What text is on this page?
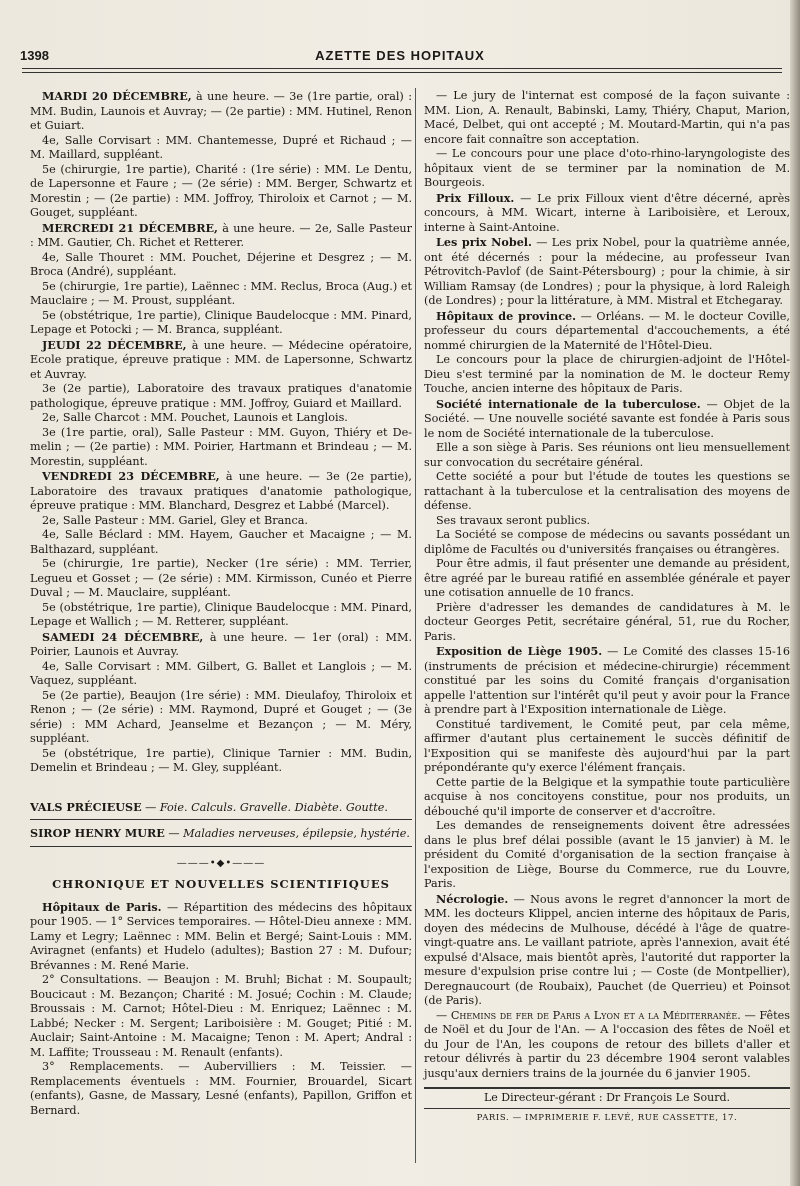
1398	AZETTE DES HOPITAUX

MARDI 20 DÉCEMBRE, à une heure. — 3e (1re partie, oral) : MM. Budin, Launois et Auvray; — (2e partie) : MM. Hutinel, Renon et Guiart.

4e, Salle Corvisart : MM. Chantemesse, Dupré et Richaud ; — M. Maillard, suppléant.

5e (chirurgie, 1re partie), Charité : (1re série) : MM. Le Dentu, de Lapersonne et Faure ; — (2e série) : MM. Berger, Schwartz et Morestin ; — (2e partie) : MM. Joffroy, Thiroloix et Carnot ; — M. Gouget, suppléant.

MERCREDI 21 DÉCEMBRE, à une heure. — 2e, Salle Pasteur : MM. Gautier, Ch. Richet et Retterer.

4e, Salle Thouret : MM. Pouchet, Déjerine et Desgrez ; — M. Broca (André), suppléant.

5e (chirurgie, 1re partie), Laënnec : MM. Reclus, Broca (Aug.) et Mauclaire ; — M. Proust, suppléant.

5e (obstétrique, 1re partie), Clinique Baudelocque : MM. Pinard, Lepage et Potocki ; — M. Branca, suppléant.

JEUDI 22 DÉCEMBRE, à une heure. — Médecine opératoire, Ecole pratique, épreuve pratique : MM. de Lapersonne, Schwartz et Auvray.

3e (2e partie), Laboratoire des travaux pratiques d'anatomie pathologique, épreuve pratique : MM. Joffroy, Guiard et Maillard.

2e, Salle Charcot : MM. Pouchet, Launois et Langlois.

3e (1re partie, oral), Salle Pasteur : MM. Guyon, Thiéry et De-melin ; — (2e partie) : MM. Poirier, Hartmann et Brindeau ; — M. Morestin, suppléant.

VENDREDI 23 DÉCEMBRE, à une heure. — 3e (2e partie), Laboratoire des travaux pratiques d'anatomie pathologique, épreuve pratique : MM. Blanchard, Desgrez et Labbé (Marcel).

2e, Salle Pasteur : MM. Gariel, Gley et Branca.

4e, Salle Béclard : MM. Hayem, Gaucher et Macaigne ; — M. Balthazard, suppléant.

5e (chirurgie, 1re partie), Necker (1re série) : MM. Terrier, Legueu et Gosset ; — (2e série) : MM. Kirmisson, Cunéo et Pierre Duval ; — M. Mauclaire, suppléant.

5e (obstétrique, 1re partie), Clinique Baudelocque : MM. Pinard, Lepage et Wallich ; — M. Retterer, suppléant.

SAMEDI 24 DÉCEMBRE, à une heure. — 1er (oral) : MM. Poirier, Launois et Auvray.

4e, Salle Corvisart : MM. Gilbert, G. Ballet et Langlois ; — M. Vaquez, suppléant.

5e (2e partie), Beaujon (1re série) : MM. Dieulafoy, Thiroloix et Renon ; — (2e série) : MM. Raymond, Dupré et Gouget ; — (3e série) : MM Achard, Jeanselme et Bezançon ; — M. Méry, suppléant.

5e (obstétrique, 1re partie), Clinique Tarnier : MM. Budin, Demelin et Brindeau ; — M. Gley, suppléant.

VALS PRÉCIEUSE — Foie. Calculs. Gravelle. Diabète. Goutte.
SIROP HENRY MURE — Maladies nerveuses, épilepsie, hystérie.
———•◆•———
CHRONIQUE ET NOUVELLES SCIENTIFIQUES

Hôpitaux de Paris. — Répartition des médecins des hôpitaux pour 1905. — 1° Services temporaires. — Hôtel-Dieu annexe : MM. Lamy et Legry; Laënnec : MM. Belin et Bergé; Saint-Louis : MM. Aviragnet (enfants) et Hudelo (adultes); Bastion 27 : M. Dufour; Brévannes : M. René Marie.

2° Consultations. — Beaujon : M. Bruhl; Bichat : M. Soupault; Boucicaut : M. Bezançon; Charité : M. Josué; Cochin : M. Claude; Broussais : M. Carnot; Hôtel-Dieu : M. Enriquez; Laënnec : M. Labbé; Necker : M. Sergent; Lariboisière : M. Gouget; Pitié : M. Auclair; Saint-Antoine : M. Macaigne; Tenon : M. Apert; Andral : M. Laffite; Trousseau : M. Renault (enfants).

3° Remplacements. — Aubervilliers : M. Teissier. — Remplacements éventuels : MM. Fournier, Brouardel, Sicart (enfants), Gasne, de Massary, Lesné (enfants), Papillon, Griffon et Bernard.

— Le jury de l'internat est composé de la façon suivante : MM. Lion, A. Renault, Babinski, Lamy, Thiéry, Chaput, Marion, Macé, Delbet, qui ont accepté ; M. Moutard-Martin, qui n'a pas encore fait connaître son acceptation.

— Le concours pour une place d'oto-rhino-laryngologiste des hôpitaux vient de se terminer par la nomination de M. Bourgeois.

Prix Filloux. — Le prix Filloux vient d'être décerné, après concours, à MM. Wicart, interne à Lariboisière, et Leroux, interne à Saint-Antoine.

Les prix Nobel. — Les prix Nobel, pour la quatrième année, ont été décernés : pour la médecine, au professeur Ivan Pétrovitch-Pavlof (de Saint-Pétersbourg) ; pour la chimie, à sir William Ramsay (de Londres) ; pour la physique, à lord Raleigh (de Londres) ; pour la littérature, à MM. Mistral et Etchegaray.

Hôpitaux de province. — Orléans. — M. le docteur Coville, professeur du cours départemental d'accouchements, a été nommé chirurgien de la Maternité de l'Hôtel-Dieu.

Le concours pour la place de chirurgien-adjoint de l'Hôtel-Dieu s'est terminé par la nomination de M. le docteur Remy Touche, ancien interne des hôpitaux de Paris.

Société internationale de la tuberculose. — Objet de la Société. — Une nouvelle société savante est fondée à Paris sous le nom de Société internationale de la tuberculose.

Elle a son siège à Paris. Ses réunions ont lieu mensuellement sur convocation du secrétaire général.

Cette société a pour but l'étude de toutes les questions se rattachant à la tuberculose et la centralisation des moyens de défense.

Ses travaux seront publics.

La Société se compose de médecins ou savants possédant un diplôme de Facultés ou d'universités françaises ou étrangères.

Pour être admis, il faut présenter une demande au président, être agréé par le bureau ratifié en assemblée générale et payer une cotisation annuelle de 10 francs.

Prière d'adresser les demandes de candidatures à M. le docteur Georges Petit, secrétaire général, 51, rue du Rocher, Paris.

Exposition de Liège 1905. — Le Comité des classes 15-16 (instruments de précision et médecine-chirurgie) récemment constitué par les soins du Comité français d'organisation appelle l'attention sur l'intérêt qu'il peut y avoir pour la France à prendre part à l'Exposition internationale de Liège.

Constitué tardivement, le Comité peut, par cela même, affirmer d'autant plus certainement le succès définitif de l'Exposition qui se manifeste dès aujourd'hui par la part prépondérante qu'y exerce l'élément français.

Cette partie de la Belgique et la sympathie toute particulière acquise à nos concitoyens constitue, pour nos produits, un débouché qu'il importe de conserver et d'accroître.

Les demandes de renseignements doivent être adressées dans le plus bref délai possible (avant le 15 janvier) à M. le président du Comité d'organisation de la section française à l'exposition de Liège, Bourse du Commerce, rue du Louvre, Paris.

Nécrologie. — Nous avons le regret d'annoncer la mort de MM. les docteurs Klippel, ancien interne des hôpitaux de Paris, doyen des médecins de Mulhouse, décédé à l'âge de quatre-vingt-quatre ans. Le vaillant patriote, après l'annexion, avait été expulsé d'Alsace, mais bientôt après, l'autorité dut rapporter la mesure d'expulsion prise contre lui ; — Coste (de Montpellier), Deregnaucourt (de Roubaix), Pauchet (de Querrieu) et Poinsot (de Paris).

— Chemins de fer de Paris a Lyon et a la Méditerranée. — Fêtes de Noël et du Jour de l'An. — A l'occasion des fêtes de Noël et du Jour de l'An, les coupons de retour des billets d'aller et retour délivrés à partir du 23 décembre 1904 seront valables jusqu'aux derniers trains de la journée du 6 janvier 1905.

Le Directeur-gérant : Dr François Le Sourd.
PARIS. — IMPRIMERIE F. LEVÉ, RUE CASSETTE, 17.
